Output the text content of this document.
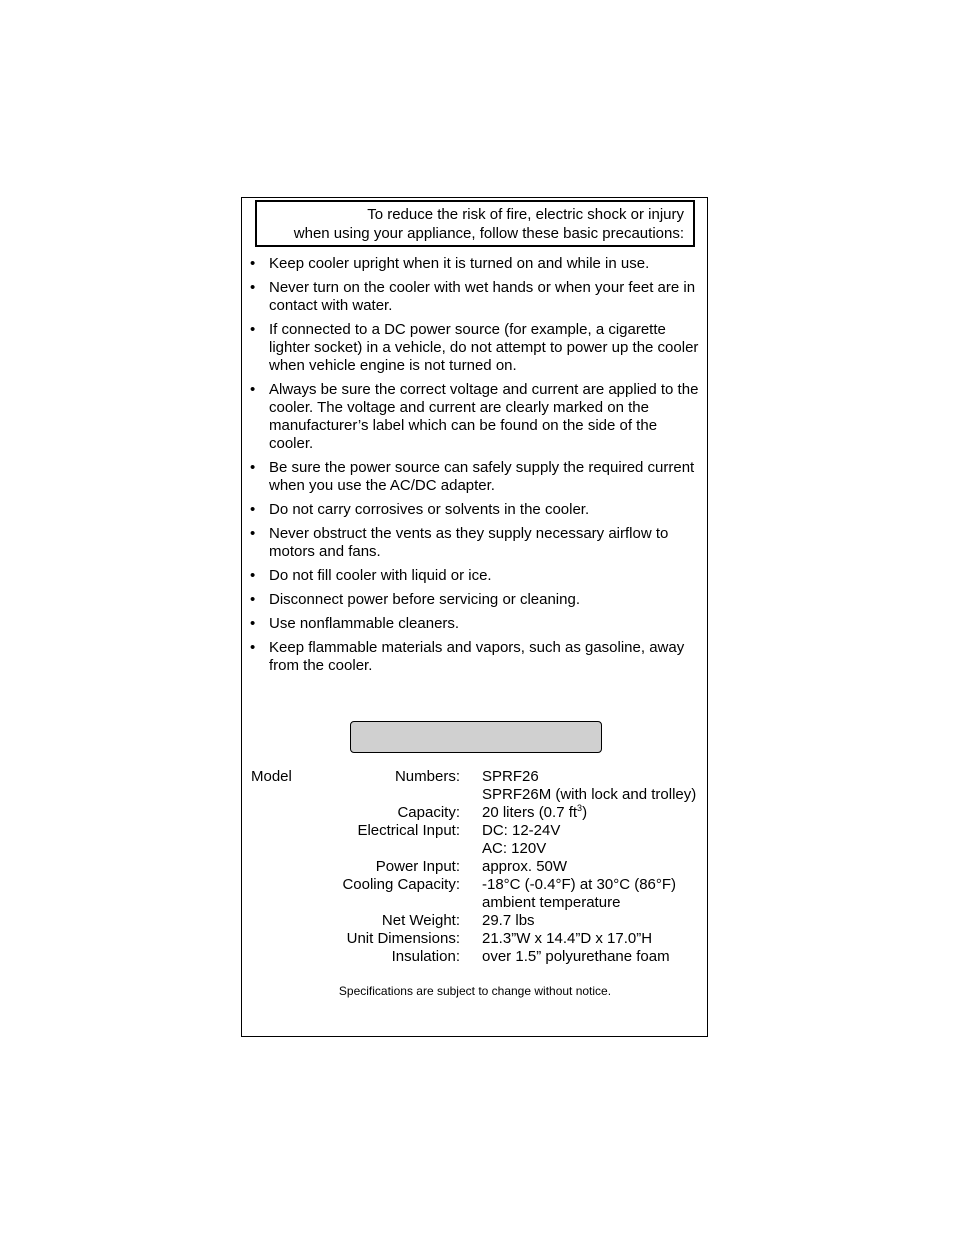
To reduce the risk of fire, electric shock or injury
when using your appliance, follow these basic precautions:
• Keep cooler upright when it is turned on and while in use.
• Never turn on the cooler with wet hands or when your feet are in contact with water.
• If connected to a DC power source (for example, a cigarette lighter socket) in a vehicle, do not attempt to power up the cooler when vehicle engine is not turned on.
• Always be sure the correct voltage and current are applied to the cooler. The voltage and current are clearly marked on the manufacturer’s label which can be found on the side of the cooler.
• Be sure the power source can safely supply the required current when you use the AC/DC adapter.
• Do not carry corrosives or solvents in the cooler.
• Never obstruct the vents as they supply necessary airflow to motors and fans.
• Do not fill cooler with liquid or ice.
• Disconnect power before servicing or cleaning.
• Use nonflammable cleaners.
• Keep flammable materials and vapors, such as gasoline, away from the cooler.
Model	Numbers: SPRF26
SPRF26M (with lock and trolley)
Capacity: 20 liters (0.7 $ft^3$)
Electrical Input: DC: 12-24V
AC: 120V
Power Input: approx. 50W
Cooling Capacity: -18°C (-0.4°F) at 30°C (86°F)
ambient temperature
Net Weight: 29.7 lbs
Unit Dimensions: 21.3”W x 14.4”D x 17.0”H
Insulation: over 1.5” polyurethane foam
Specifications are subject to change without notice.
